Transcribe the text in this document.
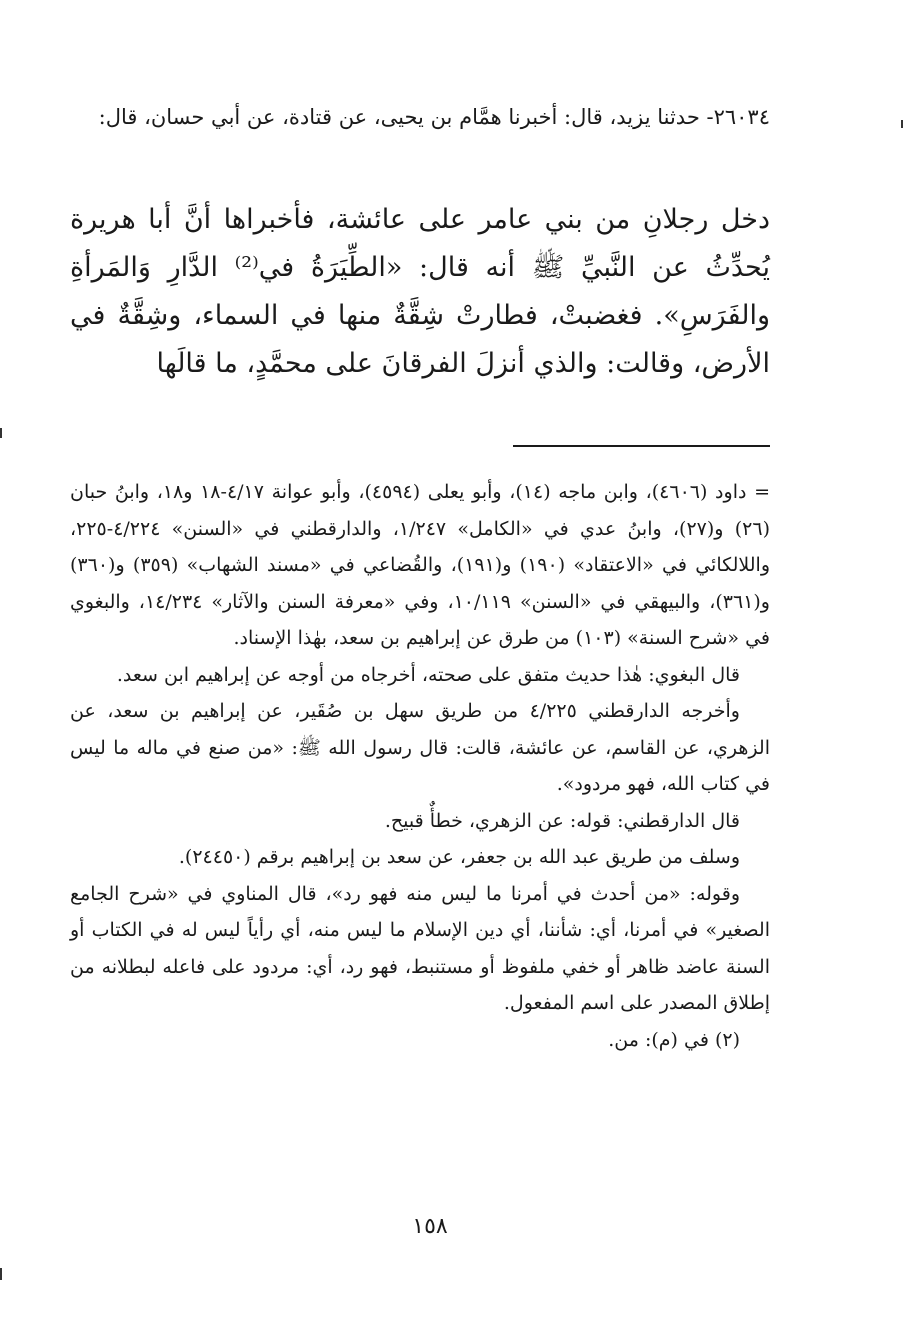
٢٦٠٣٤- حدثنا يزيد، قال: أخبرنا همَّام بن يحيى، عن قتادة، عن أبي حسان، قال:
دخل رجلانِ من بني عامر على عائشة، فأخبراها أنَّ أبا هريرة يُحدِّثُ عن النَّبيِّ ﷺ أنه قال: «الطِّيَرَةُ في⁽²⁾ الدَّارِ وَالمَرأةِ والفَرَسِ». فغضبتْ، فطارتْ شِقَّةٌ منها في السماء، وشِقَّةٌ في الأرض، وقالت: والذي أنزلَ الفرقانَ على محمَّدٍ، ما قالَها

= داود (٤٦٠٦)، وابن ماجه (١٤)، وأبو يعلى (٤٥٩٤)، وأبو عوانة ٤/١٧-١٨ و١٨، وابنُ حبان (٢٦) و(٢٧)، وابنُ عدي في «الكامل» ١/٢٤٧، والدارقطني في «السنن» ٤/٢٢٤-٢٢٥، واللالكائي في «الاعتقاد» (١٩٠) و(١٩١)، والقُضاعي في «مسند الشهاب» (٣٥٩) و(٣٦٠) و(٣٦١)، والبيهقي في «السنن» ١٠/١١٩، وفي «معرفة السنن والآثار» ١٤/٢٣٤، والبغوي في «شرح السنة» (١٠٣) من طرق عن إبراهيم بن سعد، بهٰذا الإسناد.

قال البغوي: هٰذا حديث متفق على صحته، أخرجاه من أوجه عن إبراهيم ابن سعد.

وأخرجه الدارقطني ٤/٢٢٥ من طريق سهل بن صُقَير، عن إبراهيم بن سعد، عن الزهري، عن القاسم، عن عائشة، قالت: قال رسول الله ﷺ: «من صنع في ماله ما ليس في كتاب الله، فهو مردود».

قال الدارقطني: قوله: عن الزهري، خطأٌ قبيح.

وسلف من طريق عبد الله بن جعفر، عن سعد بن إبراهيم برقم (٢٤٤٥٠).

وقوله: «من أحدث في أمرنا ما ليس منه فهو رد»، قال المناوي في «شرح الجامع الصغير» في أمرنا، أي: شأننا، أي دين الإسلام ما ليس منه، أي رأياً ليس له في الكتاب أو السنة عاضد ظاهر أو خفي ملفوظ أو مستنبط، فهو رد، أي: مردود على فاعله لبطلانه من إطلاق المصدر على اسم المفعول.

(٢) في (م): من.

١٥٨
